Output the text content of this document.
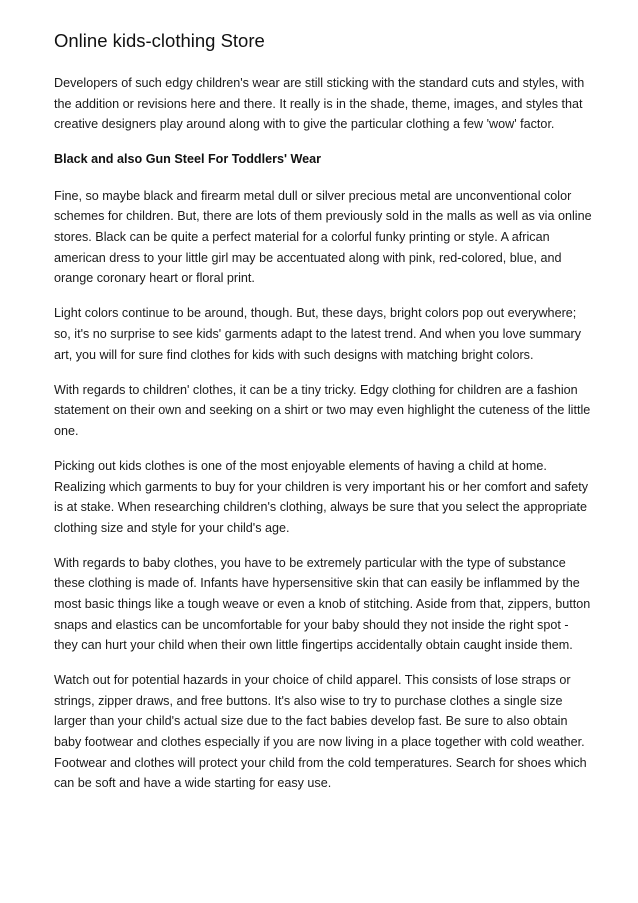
Online kids-clothing Store

Developers of such edgy children's wear are still sticking with the standard cuts and styles, with the addition or revisions here and there. It really is in the shade, theme, images, and styles that creative designers play around along with to give the particular clothing a few 'wow' factor.

Black and also Gun Steel For Toddlers' Wear

Fine, so maybe black and firearm metal dull or silver precious metal are unconventional color schemes for children. But, there are lots of them previously sold in the malls as well as via online stores. Black can be quite a perfect material for a colorful funky printing or style. A african american dress to your little girl may be accentuated along with pink, red-colored, blue, and orange coronary heart or floral print.

Light colors continue to be around, though. But, these days, bright colors pop out everywhere; so, it's no surprise to see kids' garments adapt to the latest trend. And when you love summary art, you will for sure find clothes for kids with such designs with matching bright colors.

With regards to children' clothes, it can be a tiny tricky. Edgy clothing for children are a fashion statement on their own and seeking on a shirt or two may even highlight the cuteness of the little one.

Picking out kids clothes is one of the most enjoyable elements of having a child at home. Realizing which garments to buy for your children is very important his or her comfort and safety is at stake. When researching children's clothing, always be sure that you select the appropriate clothing size and style for your child's age.

With regards to baby clothes, you have to be extremely particular with the type of substance these clothing is made of. Infants have hypersensitive skin that can easily be inflammed by the most basic things like a tough weave or even a knob of stitching. Aside from that, zippers, button snaps and elastics can be uncomfortable for your baby should they not inside the right spot - they can hurt your child when their own little fingertips accidentally obtain caught inside them.

Watch out for potential hazards in your choice of child apparel. This consists of lose straps or strings, zipper draws, and free buttons. It's also wise to try to purchase clothes a single size larger than your child's actual size due to the fact babies develop fast. Be sure to also obtain baby footwear and clothes especially if you are now living in a place together with cold weather. Footwear and clothes will protect your child from the cold temperatures. Search for shoes which can be soft and have a wide starting for easy use.
